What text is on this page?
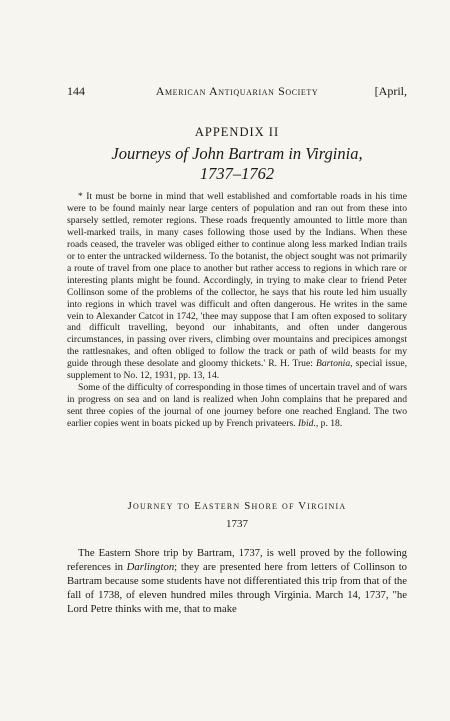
144	American Antiquarian Society	[April,
APPENDIX II
Journeys of John Bartram in Virginia,
1737–1762

* It must be borne in mind that well established and comfortable roads in his time were to be found mainly near large centers of population and ran out from these into sparsely settled, remoter regions. These roads frequently amounted to little more than well-marked trails, in many cases following those used by the Indians. When these roads ceased, the traveler was obliged either to continue along less marked Indian trails or to enter the untracked wilderness. To the botanist, the object sought was not primarily a route of travel from one place to another but rather access to regions in which rare or interesting plants might be found. Accordingly, in trying to make clear to friend Peter Collinson some of the problems of the collector, he says that his route led him usually into regions in which travel was difficult and often dangerous. He writes in the same vein to Alexander Catcot in 1742, 'thee may suppose that I am often exposed to solitary and difficult travelling, beyond our inhabitants, and often under dangerous circumstances, in passing over rivers, climbing over mountains and precipices amongst the rattlesnakes, and often obliged to follow the track or path of wild beasts for my guide through these desolate and gloomy thickets.' R. H. True: Bartonia, special issue, supplement to No. 12, 1931, pp. 13, 14.

Some of the difficulty of corresponding in those times of uncertain travel and of wars in progress on sea and on land is realized when John complains that he prepared and sent three copies of the journal of one journey before one reached England. The two earlier copies went in boats picked up by French privateers. Ibid., p. 18.

Journey to Eastern Shore of Virginia
1737

The Eastern Shore trip by Bartram, 1737, is well proved by the following references in Darlington; they are presented here from letters of Collinson to Bartram because some students have not differentiated this trip from that of the fall of 1738, of eleven hundred miles through Virginia. March 14, 1737, "he Lord Petre thinks with me, that to make
